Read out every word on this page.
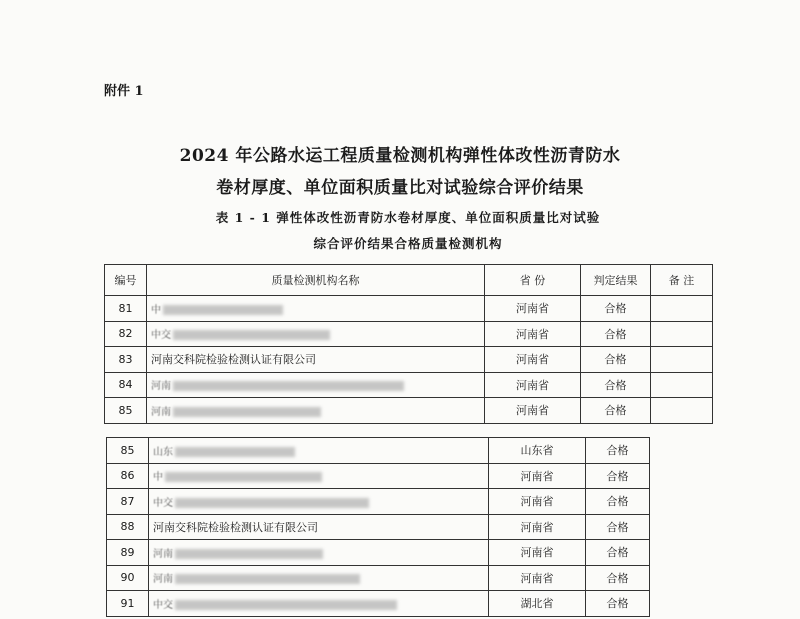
附件 1
2024 年公路水运工程质量检测机构弹性体改性沥青防水
卷材厚度、单位面积质量比对试验综合评价结果
表 1 - 1 弹性体改性沥青防水卷材厚度、单位面积质量比对试验
综合评价结果合格质量检测机构
编号	质量检测机构名称	省 份	判定结果	备 注
81	中	河南省	合格	
82	中交	河南省	合格	
83	河南交科院检验检测认证有限公司	河南省	合格	
84	河南	河南省	合格	
85	河南	河南省	合格	
85	山东	山东省	合格
86	中	河南省	合格
87	中交	河南省	合格
88	河南交科院检验检测认证有限公司	河南省	合格
89	河南	河南省	合格
90	河南	河南省	合格
91	中交	湖北省	合格
